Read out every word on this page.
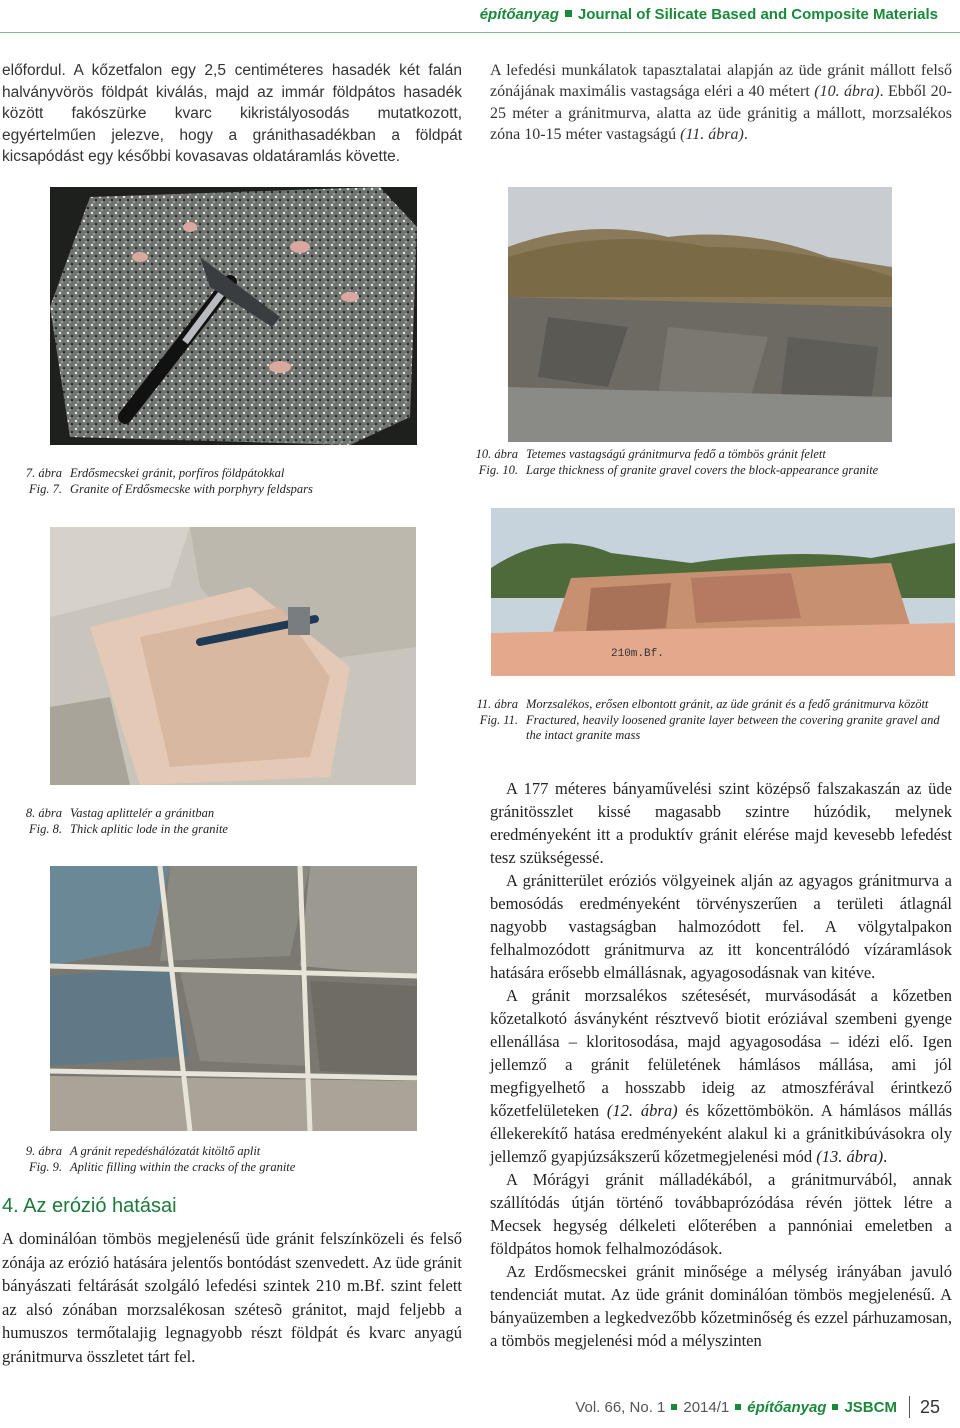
építőanyag Journal of Silicate Based and Composite Materials
előfordul. A kőzetfalon egy 2,5 centiméteres hasadék két falán halványvörös földpát kiválás, majd az immár földpátos hasadék között fakószürke kvarc kikristályosodás mutatkozott, egyértelműen jelezve, hogy a gránithasadékban a földpát kicsapódást egy későbbi kovasavas oldatáramlás követte.
A lefedési munkálatok tapasztalatai alapján az üde gránit mállott felső zónájának maximális vastagsága eléri a 40 métert (10. ábra). Ebből 20-25 méter a gránitmurva, alatta az üde gránitig a mállott, morzsalékos zóna 10-15 méter vastagságú (11. ábra).
7. ábra Erdősmecskei gránit, porfíros földpátokkal
Fig. 7. Granite of Erdősmecske with porphyry feldspars
10. ábra Tetemes vastagságú gránitmurva fedő a tömbös gránit felett
Fig. 10. Large thickness of granite gravel covers the block-appearance granite
210m.Bf.
11. ábra Morzsalékos, erősen elbontott gránit, az üde gránit és a fedő gránitmurva között
Fig. 11. Fractured, heavily loosened granite layer between the covering granite gravel and the intact granite mass
8. ábra Vastag aplittelér a gránitban
Fig. 8. Thick aplitic lode in the granite
9. ábra A gránit repedéshálózatát kitöltő aplit
Fig. 9. Aplitic filling within the cracks of the granite
4. Az erózió hatásai
A dominálóan tömbös megjelenésű üde gránit felszínközeli és felső zónája az erózió hatására jelentős bontódást szenvedett. Az üde gránit bányászati feltárását szolgáló lefedési szintek 210 m.Bf. szint felett az alsó zónában morzsalékosan szétesõ gránitot, majd feljebb a humuszos termőtalajig legnagyobb részt földpát és kvarc anyagú gránitmurva összletet tárt fel.

A 177 méteres bányaművelési szint középső falszakaszán az üde gránitösszlet kissé magasabb szintre húzódik, melynek eredményeként itt a produktív gránit elérése majd kevesebb lefedést tesz szükségessé.

A gránitterület eróziós völgyeinek alján az agyagos gránitmurva a bemosódás eredményeként törvényszerűen a területi átlagnál nagyobb vastagságban halmozódott fel. A völgytalpakon felhalmozódott gránitmurva az itt koncentrálódó vízáramlások hatására erősebb elmállásnak, agyagosodásnak van kitéve.

A gránit morzsalékos szétesését, murvásodását a kőzetben kőzetalkotó ásványként résztvevő biotit eróziával szembeni gyenge ellenállása – kloritosodása, majd agyagosodása – idézi elő. Igen jellemző a gránit felületének hámlásos mállása, ami jól megfigyelhető a hosszabb ideig az atmoszférával érintkező kőzetfelületeken (12. ábra) és kőzettömbökön. A hámlásos mállás éllekerekítő hatása eredményeként alakul ki a gránitkibúvásokra oly jellemző gyapjúzsákszerű kőzetmegjelenési mód (13. ábra).

A Mórágyi gránit málladékából, a gránitmurvából, annak szállítódás útján történő továbbaprózódása révén jöttek létre a Mecsek hegység délkeleti előterében a pannóniai emeletben a földpátos homok felhalmozódások.

Az Erdősmecskei gránit minősége a mélység irányában javuló tendenciát mutat. Az üde gránit dominálóan tömbös megjelenésű. A bányaüzemben a legkedvezőbb kőzetminőség és ezzel párhuzamosan, a tömbös megjelenési mód a mélyszinten

Vol. 66, No. 1 2014/1 építőanyag JSBCM 25
